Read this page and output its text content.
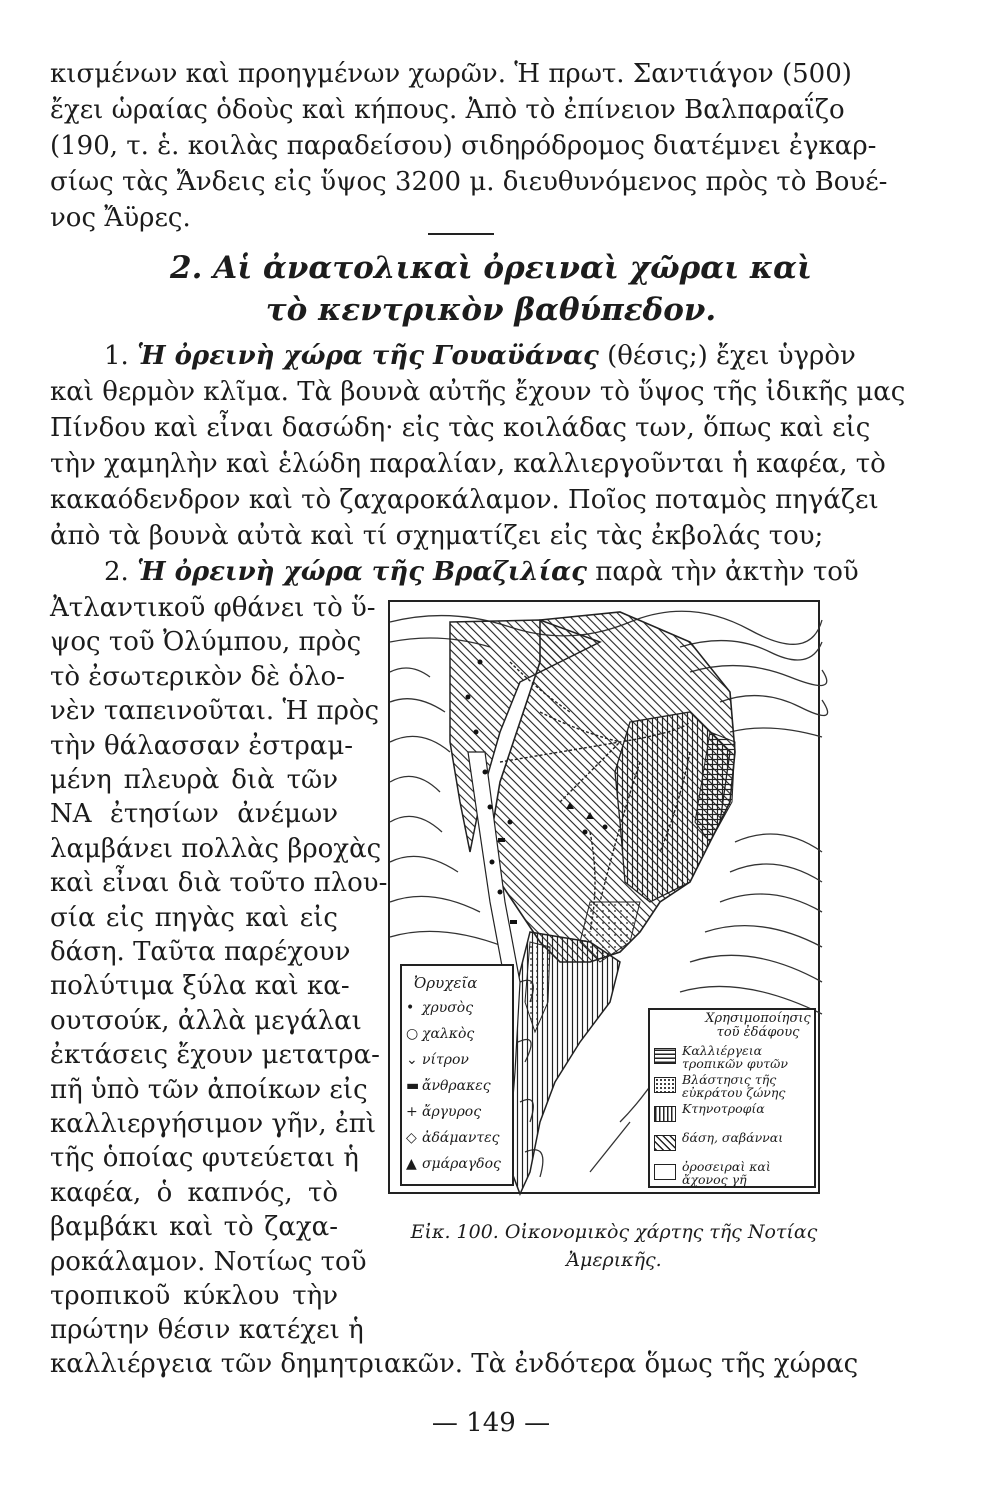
κισμένων καὶ προηγμένων χωρῶν. Ἡ πρωτ. Σαντιάγον (500)
ἔχει ὡραίας ὁδοὺς καὶ κήπους. Ἀπὸ τὸ ἐπίνειον Βαλπαραΐζο
(190, τ. ἑ. κοιλὰς παραδείσου) σιδηρόδρομος διατέμνει ἐγκαρ-
σίως τὰς Ἄνδεις εἰς ὕψος 3200 μ. διευθυνόμενος πρὸς τὸ Βουέ-
νος Ἄϋρες.
2. Αἱ ἀνατολικαὶ ὀρειναὶ χῶραι καὶ
τὸ κεντρικὸν βαθύπεδον.
1. Ἡ ὀρεινὴ χώρα τῆς Γουαϋάνας (θέσις;) ἔχει ὑγρὸν
καὶ θερμὸν κλῖμα. Τὰ βουνὰ αὐτῆς ἔχουν τὸ ὕψος τῆς ἰδικῆς μας
Πίνδου καὶ εἶναι δασώδη· εἰς τὰς κοιλάδας των, ὅπως καὶ εἰς
τὴν χαμηλὴν καὶ ἑλώδη παραλίαν, καλλιεργοῦνται ἡ καφέα, τὸ
κακαόδενδρον καὶ τὸ ζαχαροκάλαμον. Ποῖος ποταμὸς πηγάζει
ἀπὸ τὰ βουνὰ αὐτὰ καὶ τί σχηματίζει εἰς τὰς ἐκβολάς του;
2. Ἡ ὀρεινὴ χώρα τῆς Βραζιλίας παρὰ τὴν ἀκτὴν τοῦ
Ἀτλαντικοῦ φθάνει τὸ ὕ-
ψος τοῦ Ὀλύμπου, πρὸς
τὸ ἐσωτερικὸν δὲ ὁλο-
νὲν ταπεινοῦται. Ἡ πρὸς
τὴν θάλασσαν ἐστραμ-
μένη πλευρὰ διὰ τῶν
ΝΑ ἐτησίων ἀνέμων
λαμβάνει πολλὰς βροχὰς
καὶ εἶναι διὰ τοῦτο πλου-
σία εἰς πηγὰς καὶ εἰς
δάση. Ταῦτα παρέχουν
πολύτιμα ξύλα καὶ κα-
ουτσούκ, ἀλλὰ μεγάλαι
ἐκτάσεις ἔχουν μετατρα-
πῆ ὑπὸ τῶν ἀποίκων εἰς
καλλιεργήσιμον γῆν, ἐπὶ
τῆς ὁποίας φυτεύεται ἡ
καφέα, ὁ καπνός, τὸ
βαμβάκι καὶ τὸ ζαχα-
ροκάλαμον. Νοτίως τοῦ
τροπικοῦ κύκλου τὴν
πρώτην θέσιν κατέχει ἡ
καλλιέργεια τῶν δημητριακῶν. Τὰ ἐνδότερα ὅμως τῆς χώρας
Ὀρυχεῖα
• χρυσὸς
○ χαλκὸς
⌄ νίτρον
▬ ἄνθρακες
+ ἄργυρος
◇ ἀδάμαντες
▲ σμάραγδος
Χρησιμοποίησις τοῦ ἐδάφους
Καλλιέργεια τροπικῶν φυτῶν
Βλάστησις τῆς εὐκράτου ζώνης
Κτηνοτροφία
δάση, σαβάνναι
ὀροσειραὶ καὶ ἄχονος γῆ
Εἰκ. 100. Οἰκονομικὸς χάρτης τῆς Νοτίας
Ἀμερικῆς.
— 149 —
